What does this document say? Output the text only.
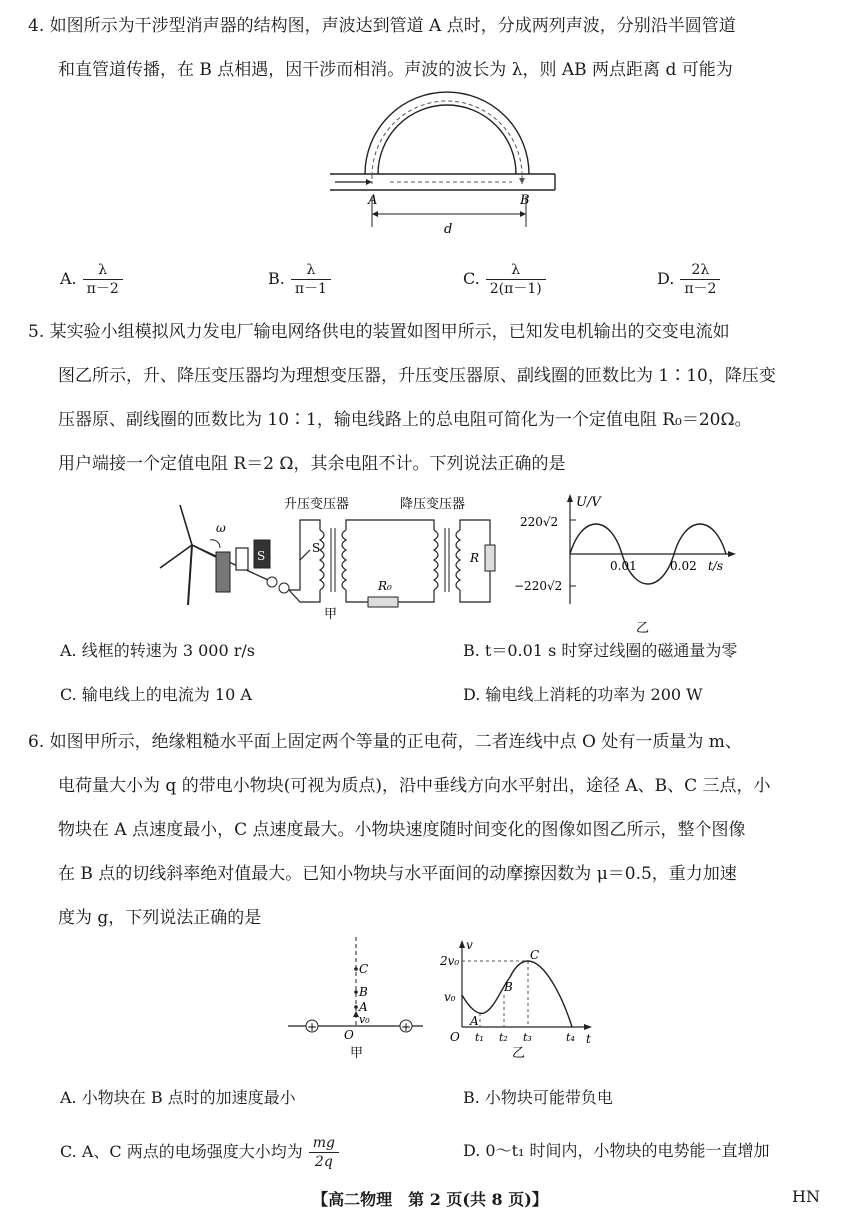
4. 如图所示为干涉型消声器的结构图，声波达到管道 A 点时，分成两列声波，分别沿半圆管道
和直管道传播，在 B 点相遇，因干涉而相消。声波的波长为 λ，则 AB 两点距离 d 可能为
A	B
d
A. $\frac{\lambda}{\pi-2}$	B. $\frac{\lambda}{\pi-1}$	C. $\frac{\lambda}{2(\pi-1)}$	D. $\frac{2\lambda}{\pi-2}$
5. 某实验小组模拟风力发电厂输电网络供电的装置如图甲所示，已知发电机输出的交变电流如
图乙所示，升、降压变压器均为理想变压器，升压变压器原、副线圈的匝数比为 1∶10，降压变
压器原、副线圈的匝数比为 10∶1，输电线路上的总电阻可简化为一个定值电阻 R₀＝20Ω。
用户端接一个定值电阻 R＝2 Ω，其余电阻不计。下列说法正确的是
ω
S
S
升压变压器
R₀
降压变压器
R
甲
U/V
220√2
−220√2
0.01	0.02 t/s
乙
A. 线框的转速为 3 000 r/s	B. t＝0.01 s 时穿过线圈的磁通量为零
C. 输电线上的电流为 10 A	D. 输电线上消耗的功率为 200 W
6. 如图甲所示，绝缘粗糙水平面上固定两个等量的正电荷，二者连线中点 O 处有一质量为 m、
电荷量大小为 q 的带电小物块(可视为质点)，沿中垂线方向水平射出，途径 A、B、C 三点，小
物块在 A 点速度最小，C 点速度最大。小物块速度随时间变化的图像如图乙所示，整个图像
在 B 点的切线斜率绝对值最大。已知小物块与水平面间的动摩擦因数为 μ＝0.5，重力加速
度为 g，下列说法正确的是
+	+
C
B
A
v₀
O
甲
v
t
2v₀
v₀
O
A
B
C
t₁ t₂ t₃	t₄
乙
A. 小物块在 B 点时的加速度最小	B. 小物块可能带负电
C. A、C 两点的电场强度大小均为 $\frac{mg}{2q}$	D. 0～t₁ 时间内，小物块的电势能一直增加
【高二物理　第 2 页(共 8 页)】	HN
